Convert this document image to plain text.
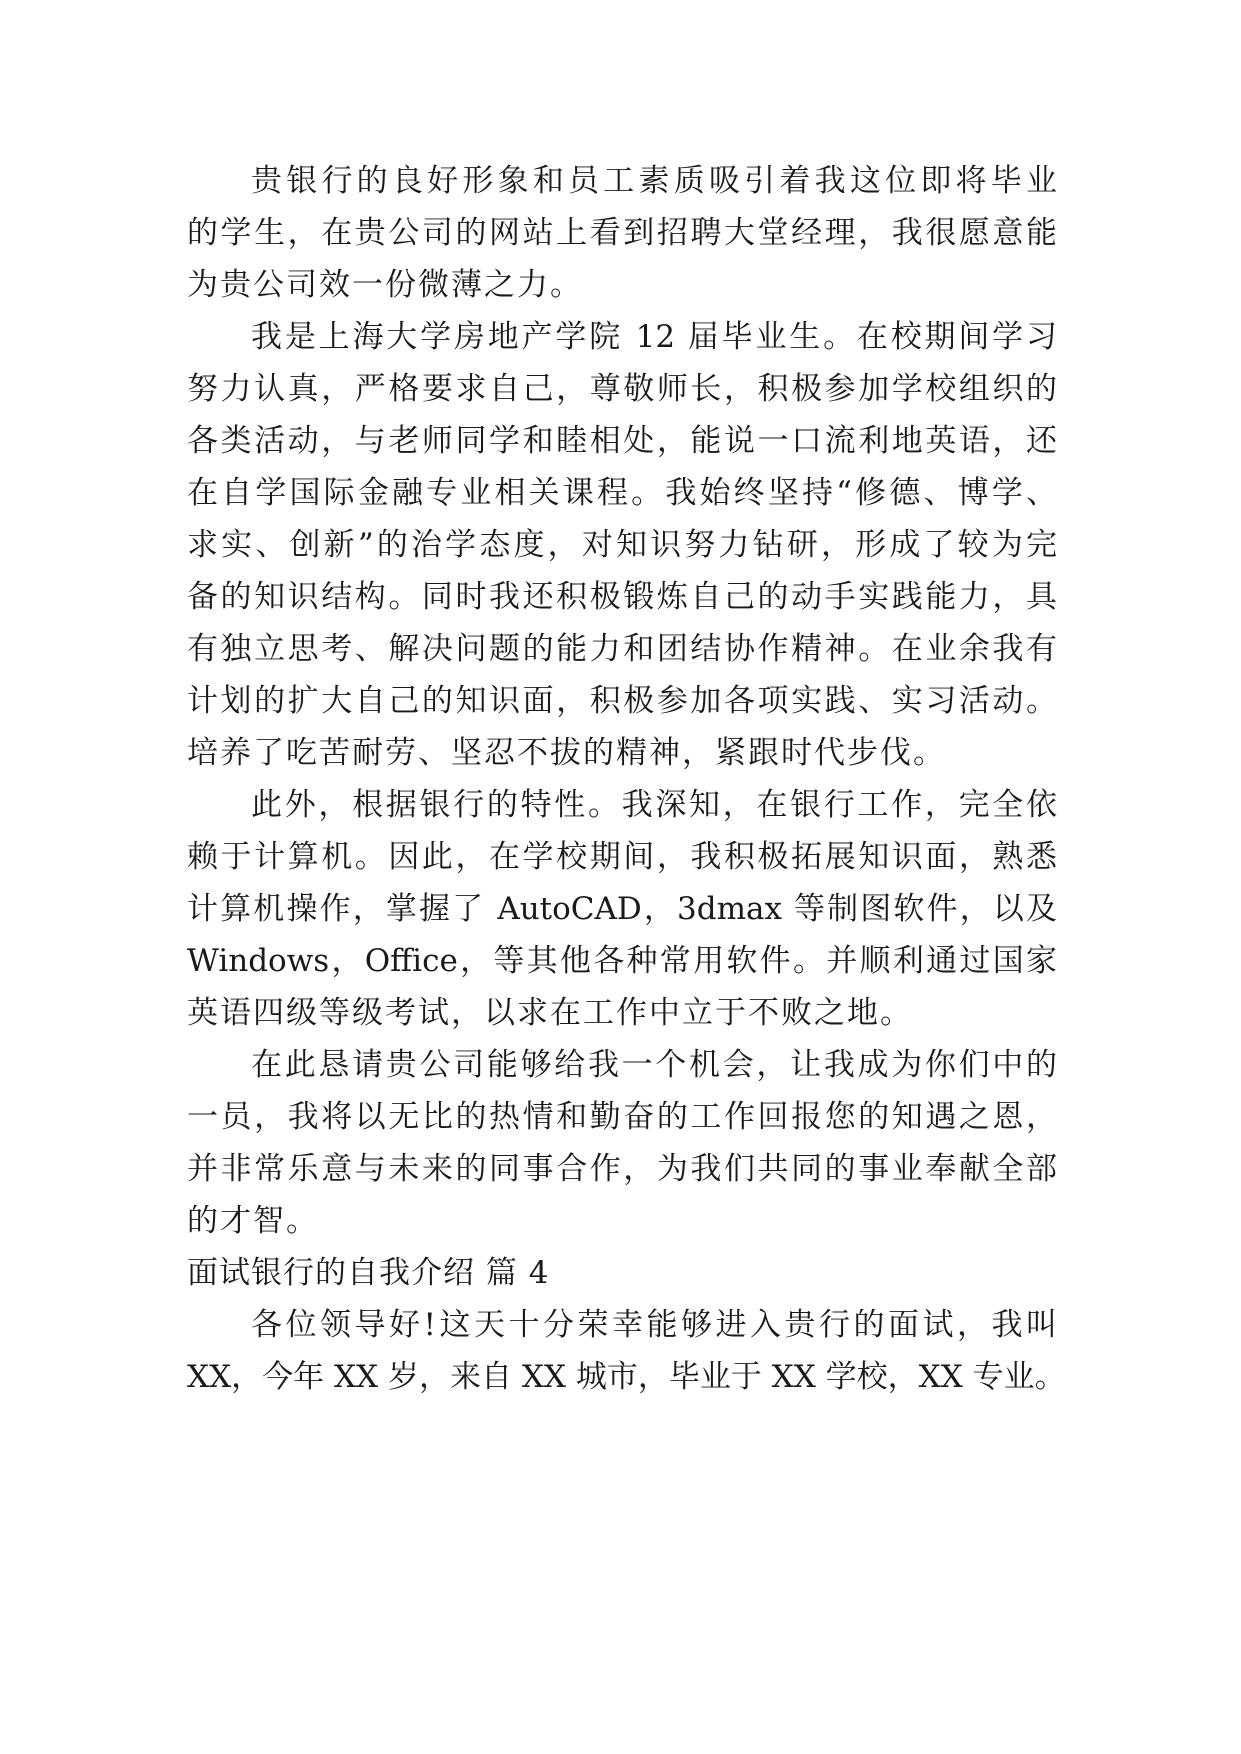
贵银行的良好形象和员工素质吸引着我这位即将毕业
的学生，在贵公司的网站上看到招聘大堂经理，我很愿意能
为贵公司效一份微薄之力。
我是上海大学房地产学院 12 届毕业生。在校期间学习
努力认真，严格要求自己，尊敬师长，积极参加学校组织的
各类活动，与老师同学和睦相处，能说一口流利地英语，还
在自学国际金融专业相关课程。我始终坚持“修德、博学、
求实、创新”的治学态度，对知识努力钻研，形成了较为完
备的知识结构。同时我还积极锻炼自己的动手实践能力，具
有独立思考、解决问题的能力和团结协作精神。在业余我有
计划的扩大自己的知识面，积极参加各项实践、实习活动。
培养了吃苦耐劳、坚忍不拔的精神，紧跟时代步伐。
此外，根据银行的特性。我深知，在银行工作，完全依
赖于计算机。因此，在学校期间，我积极拓展知识面，熟悉
计算机操作，掌握了 AutoCAD，3dmax 等制图软件，以及
Windows，Office，等其他各种常用软件。并顺利通过国家
英语四级等级考试，以求在工作中立于不败之地。
在此恳请贵公司能够给我一个机会，让我成为你们中的
一员，我将以无比的热情和勤奋的工作回报您的知遇之恩，
并非常乐意与未来的同事合作，为我们共同的事业奉献全部
的才智。
面试银行的自我介绍 篇 4
各位领导好!这天十分荣幸能够进入贵行的面试，我叫
XX，今年 XX 岁，来自 XX 城市，毕业于 XX 学校，XX 专业。
